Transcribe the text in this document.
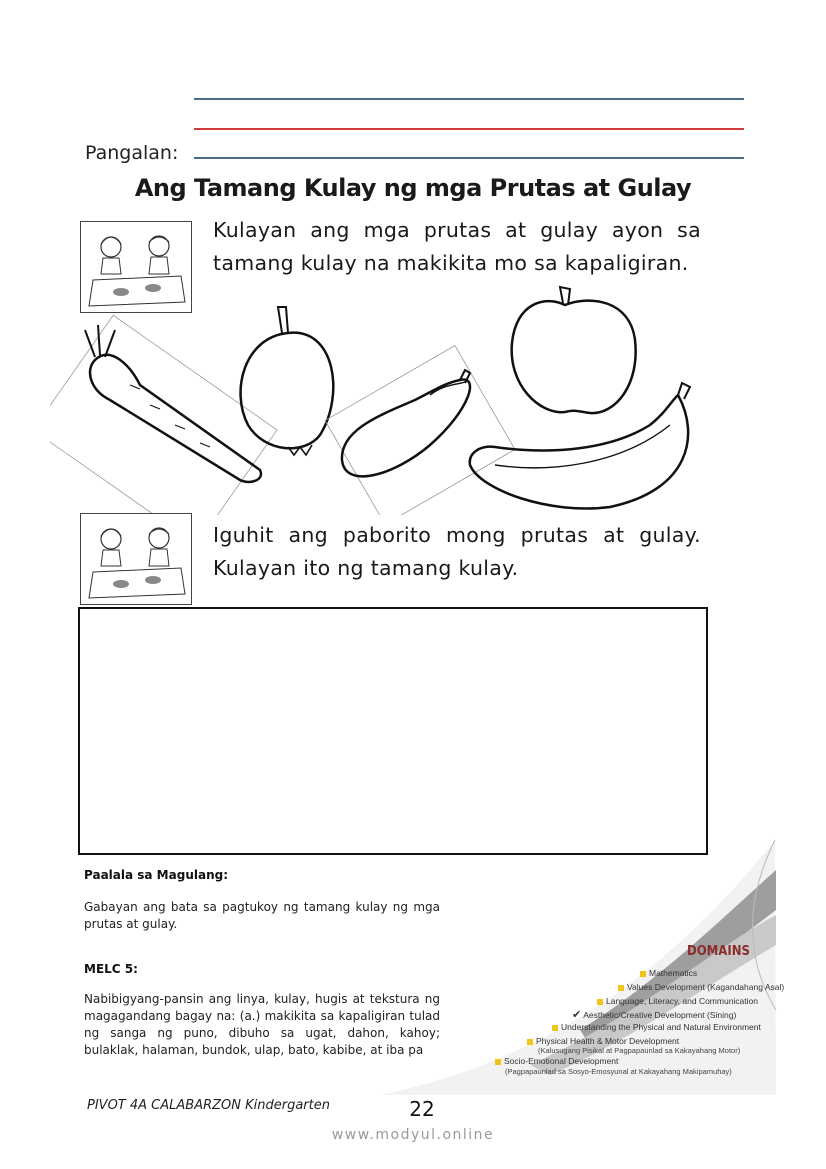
Pangalan:
Ang Tamang Kulay ng mga Prutas at Gulay
Kulayan ang mga prutas at gulay ayon sa
tamang kulay na makikita mo sa kapaligiran.
Iguhit ang paborito mong prutas at gulay.
Kulayan ito ng tamang kulay.
Paalala sa Magulang:
Gabayan ang bata sa pagtukoy ng tamang kulay ng mga prutas at gulay.
MELC 5:
Nabibigyang-pansin ang linya, kulay, hugis at tekstura ng magagandang bagay na: (a.) makikita sa kapaligiran tulad ng sanga ng puno, dibuho sa ugat, dahon, kahoy; bulaklak, halaman, bundok, ulap, bato, kabibe, at iba pa
DOMAINS
Mathematics
Values Development (Kagandahang Asal)
Language, Literacy, and Communication
✔ Aesthetic/Creative Development (Sining)
Understanding the Physical and Natural Environment
Physical Health & Motor Development
(Kalusugang Pisikal at Pagpapaunlad sa Kakayahang Motor)
Socio-Emotional Development
(Pagpapaunlad sa Sosyo-Emosyunal at Kakayahang Makipamuhay)
PIVOT 4A CALABARZON Kindergarten	22
www.modyul.online
